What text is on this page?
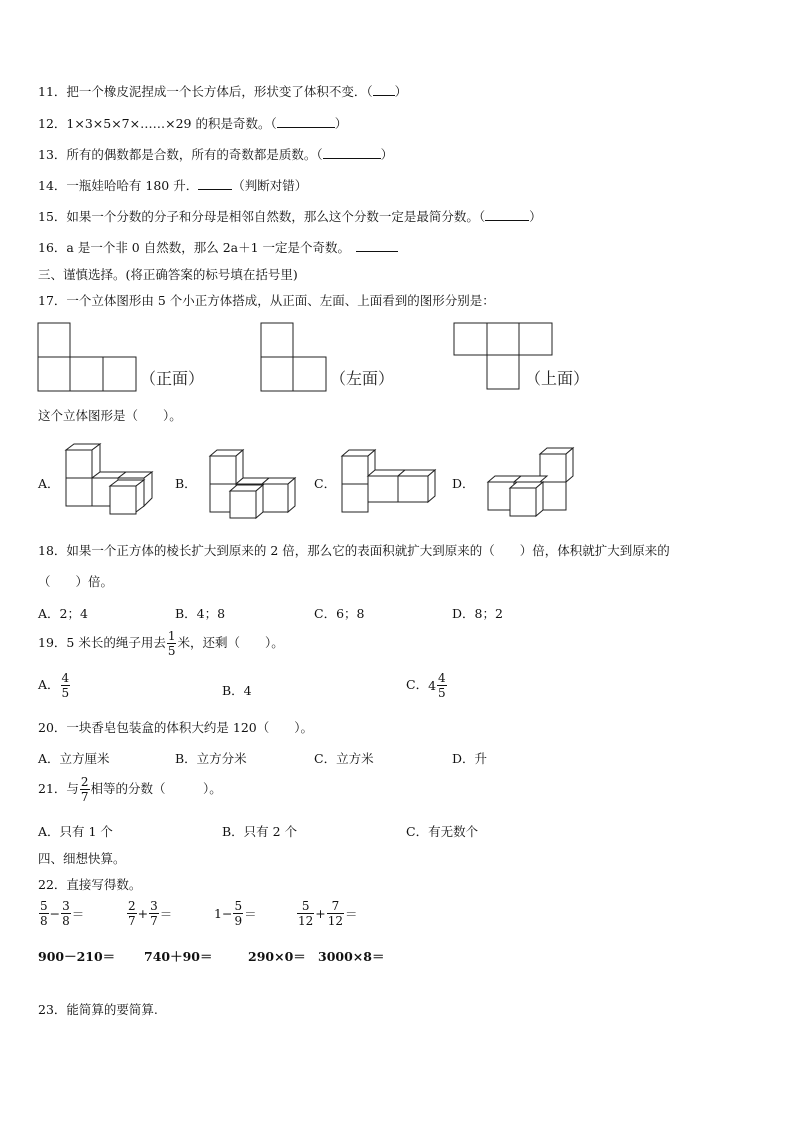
11．把一个橡皮泥捏成一个长方体后，形状变了体积不变．（ ）
12．1×3×5×7×……×29 的积是奇数。（	）
13．所有的偶数都是合数，所有的奇数都是质数。（	）
14．一瓶娃哈哈有 180 升．	（判断对错）
15．如果一个分数的分子和分母是相邻自然数，那么这个分数一定是最简分数。（	）
16．a 是一个非 0 自然数，那么 2a＋1 一定是个奇数。
三、谨慎选择。(将正确答案的标号填在括号里)
17．一个立体图形由 5 个小正方体搭成，从正面、左面、上面看到的图形分别是：
（正面）	（左面）	（上面）
这个立体图形是（　　）。
A．	B．	C．	D．
18．如果一个正方体的棱长扩大到原来的 2 倍，那么它的表面积就扩大到原来的（　　）倍，体积就扩大到原来的
（　　）倍。
A．2；4	B．4；8	C．6；8	D．8；2
19．5 米长的绳子用去 $\frac{1}{5}$ 米，还剩（　　）。
A． $\frac{4}{5}$	B．4	C．$4 \frac{4}{5}$
20．一块香皂包装盒的体积大约是 120（　　）。
A．立方厘米	B．立方分米	C．立方米	D．升
21．与 $\frac{2}{7}$ 相等的分数（　　　）。
A．只有 1 个	B．只有 2 个	C．有无数个
四、细想快算。
22．直接写得数。
$\frac{5}{8} - \frac{3}{8}$ ＝	$\frac{2}{7} + \frac{3}{7}$ ＝	$1- \frac{5}{9}$ ＝	$\frac{5}{12} + \frac{7}{12}$ ＝
900－210＝ 740＋90＝	290×0＝ 3000×8＝
23．能简算的要简算.
